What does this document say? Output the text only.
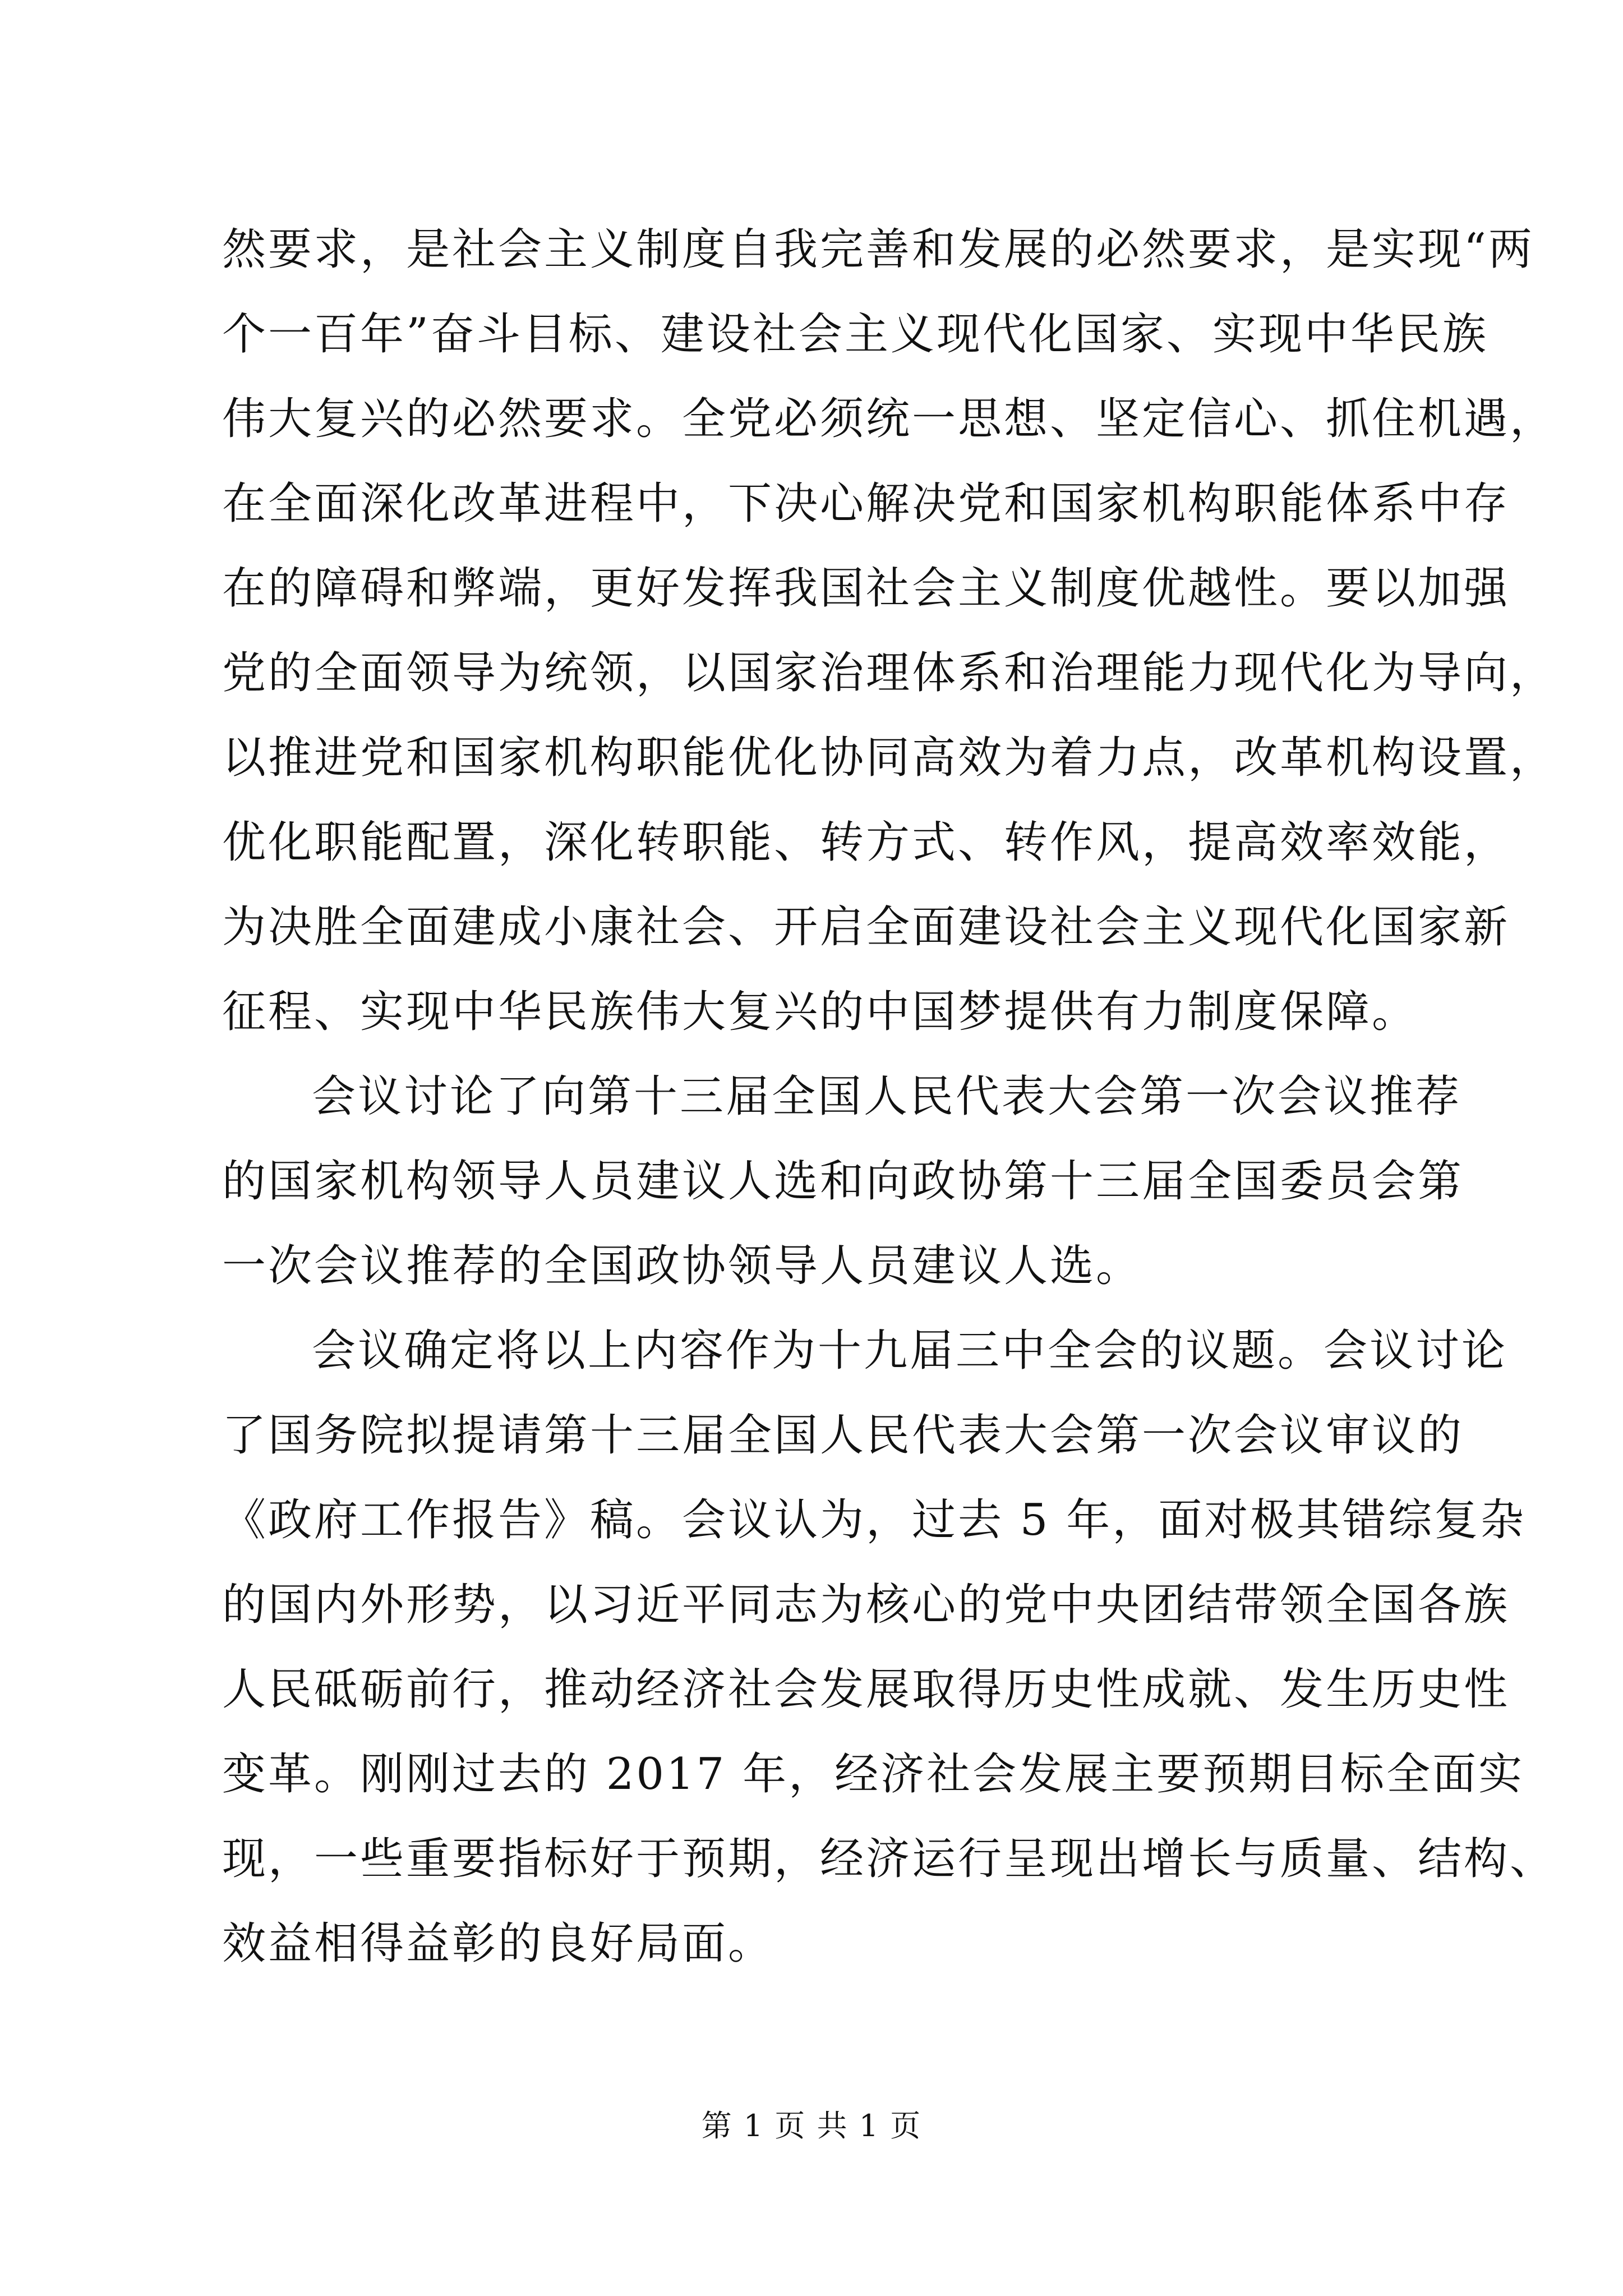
然要求，是社会主义制度自我完善和发展的必然要求，是实现“两
个一百年”奋斗目标、建设社会主义现代化国家、实现中华民族
伟大复兴的必然要求。全党必须统一思想、坚定信心、抓住机遇，
在全面深化改革进程中，下决心解决党和国家机构职能体系中存
在的障碍和弊端，更好发挥我国社会主义制度优越性。要以加强
党的全面领导为统领，以国家治理体系和治理能力现代化为导向，
以推进党和国家机构职能优化协同高效为着力点，改革机构设置，
优化职能配置，深化转职能、转方式、转作风，提高效率效能，
为决胜全面建成小康社会、开启全面建设社会主义现代化国家新
征程、实现中华民族伟大复兴的中国梦提供有力制度保障。
会议讨论了向第十三届全国人民代表大会第一次会议推荐
的国家机构领导人员建议人选和向政协第十三届全国委员会第
一次会议推荐的全国政协领导人员建议人选。
会议确定将以上内容作为十九届三中全会的议题。会议讨论
了国务院拟提请第十三届全国人民代表大会第一次会议审议的
《政府工作报告》稿。会议认为，过去 5 年，面对极其错综复杂
的国内外形势，以习近平同志为核心的党中央团结带领全国各族
人民砥砺前行，推动经济社会发展取得历史性成就、发生历史性
变革。刚刚过去的 2017 年，经济社会发展主要预期目标全面实
现，一些重要指标好于预期，经济运行呈现出增长与质量、结构、
效益相得益彰的良好局面。
第 1 页 共 1 页
